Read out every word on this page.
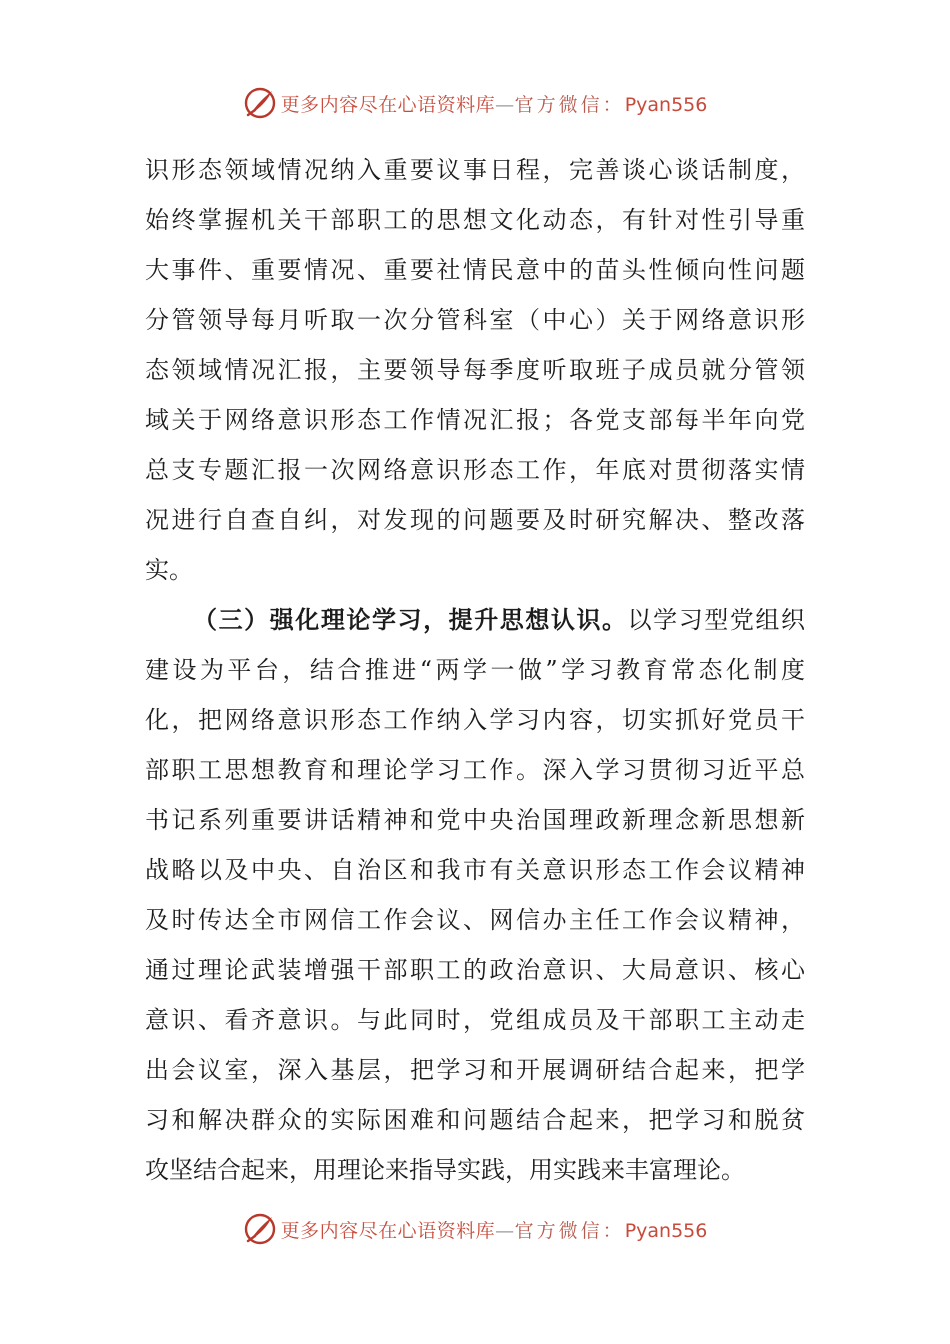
更多内容尽在心语资料库—官方微信：Pyan556
识形态领域情况纳入重要议事日程，完善谈心谈话制度，
始终掌握机关干部职工的思想文化动态，有针对性引导重
大事件、重要情况、重要社情民意中的苗头性倾向性问题
分管领导每月听取一次分管科室（中心）关于网络意识形
态领域情况汇报，主要领导每季度听取班子成员就分管领
域关于网络意识形态工作情况汇报；各党支部每半年向党
总支专题汇报一次网络意识形态工作，年底对贯彻落实情
况进行自查自纠，对发现的问题要及时研究解决、整改落
实。
（三）强化理论学习，提升思想认识。以学习型党组织
建设为平台，结合推进“两学一做”学习教育常态化制度
化，把网络意识形态工作纳入学习内容，切实抓好党员干
部职工思想教育和理论学习工作。深入学习贯彻习近平总
书记系列重要讲话精神和党中央治国理政新理念新思想新
战略以及中央、自治区和我市有关意识形态工作会议精神
及时传达全市网信工作会议、网信办主任工作会议精神，
通过理论武装增强干部职工的政治意识、大局意识、核心
意识、看齐意识。与此同时，党组成员及干部职工主动走
出会议室，深入基层，把学习和开展调研结合起来，把学
习和解决群众的实际困难和问题结合起来，把学习和脱贫
攻坚结合起来，用理论来指导实践，用实践来丰富理论。
更多内容尽在心语资料库—官方微信：Pyan556
